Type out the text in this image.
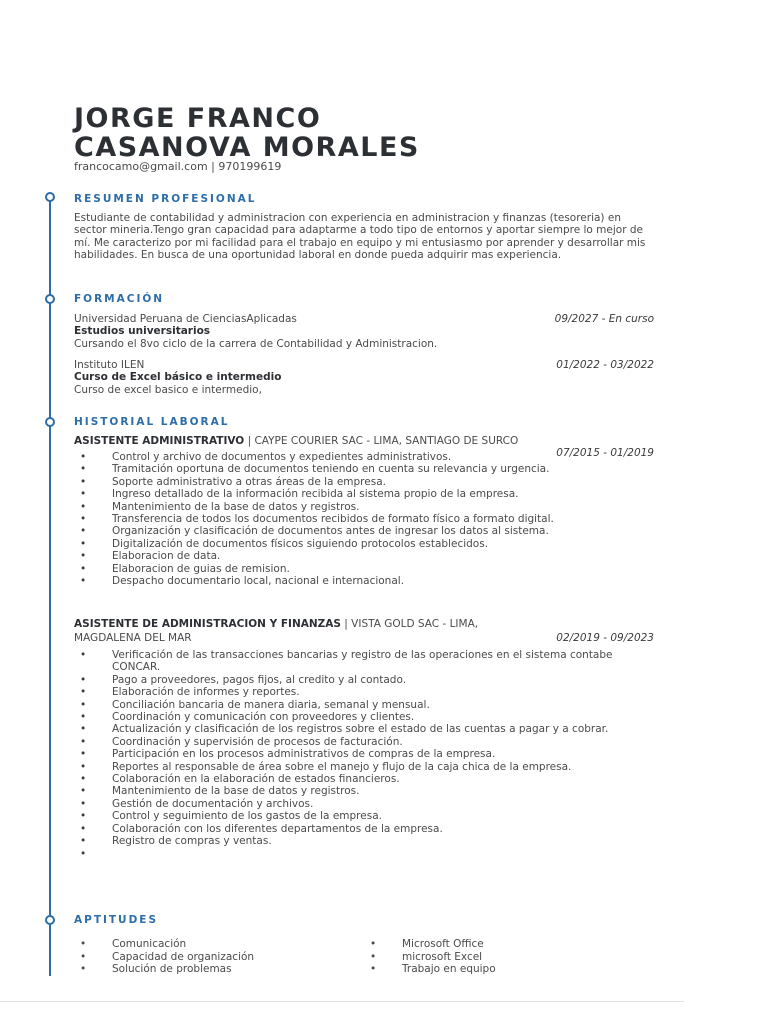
JORGE FRANCO
CASANOVA MORALES
francocamo@gmail.com | 970199619
RESUMEN PROFESIONAL
Estudiante de contabilidad y administracion con experiencia en administracion y finanzas (tesoreria) en sector mineria.Tengo gran capacidad para adaptarme a todo tipo de entornos y aportar siempre lo mejor de mí. Me caracterizo por mi facilidad para el trabajo en equipo y mi entusiasmo por aprender y desarrollar mis habilidades. En busca de una oportunidad laboral en donde pueda adquirir mas experiencia.
FORMACIÓN
Universidad Peruana de CienciasAplicadas	09/2027 - En curso
Estudios universitarios
Cursando el 8vo ciclo de la carrera de Contabilidad y Administracion.
Instituto ILEN	01/2022 - 03/2022
Curso de Excel básico e intermedio
Curso de excel basico e intermedio,
HISTORIAL LABORAL
ASISTENTE ADMINISTRATIVO | CAYPE COURIER SAC - LIMA, SANTIAGO DE SURCO
07/2015 - 01/2019
• Control y archivo de documentos y expedientes administrativos.
• Tramitación oportuna de documentos teniendo en cuenta su relevancia y urgencia.
• Soporte administrativo a otras áreas de la empresa.
• Ingreso detallado de la información recibida al sistema propio de la empresa.
• Mantenimiento de la base de datos y registros.
• Transferencia de todos los documentos recibidos de formato físico a formato digital.
• Organización y clasificación de documentos antes de ingresar los datos al sistema.
• Digitalización de documentos físicos siguiendo protocolos establecidos.
• Elaboracion de data.
• Elaboracion de guias de remision.
• Despacho documentario local, nacional e internacional.
ASISTENTE DE ADMINISTRACION Y FINANZAS | VISTA GOLD SAC - LIMA,
MAGDALENA DEL MAR	02/2019 - 09/2023
• Verificación de las transacciones bancarias y registro de las operaciones en el sistema contabe CONCAR.
• Pago a proveedores, pagos fijos, al credito y al contado.
• Elaboración de informes y reportes.
• Conciliación bancaria de manera diaria, semanal y mensual.
• Coordinación y comunicación con proveedores y clientes.
• Actualización y clasificación de los registros sobre el estado de las cuentas a pagar y a cobrar.
• Coordinación y supervisión de procesos de facturación.
• Participación en los procesos administrativos de compras de la empresa.
• Reportes al responsable de área sobre el manejo y flujo de la caja chica de la empresa.
• Colaboración en la elaboración de estados financieros.
• Mantenimiento de la base de datos y registros.
• Gestión de documentación y archivos.
• Control y seguimiento de los gastos de la empresa.
• Colaboración con los diferentes departamentos de la empresa.
• Registro de compras y ventas.
•
APTITUDES
• Comunicación
• Capacidad de organización
• Solución de problemas
• Microsoft Office
• microsoft Excel
• Trabajo en equipo
